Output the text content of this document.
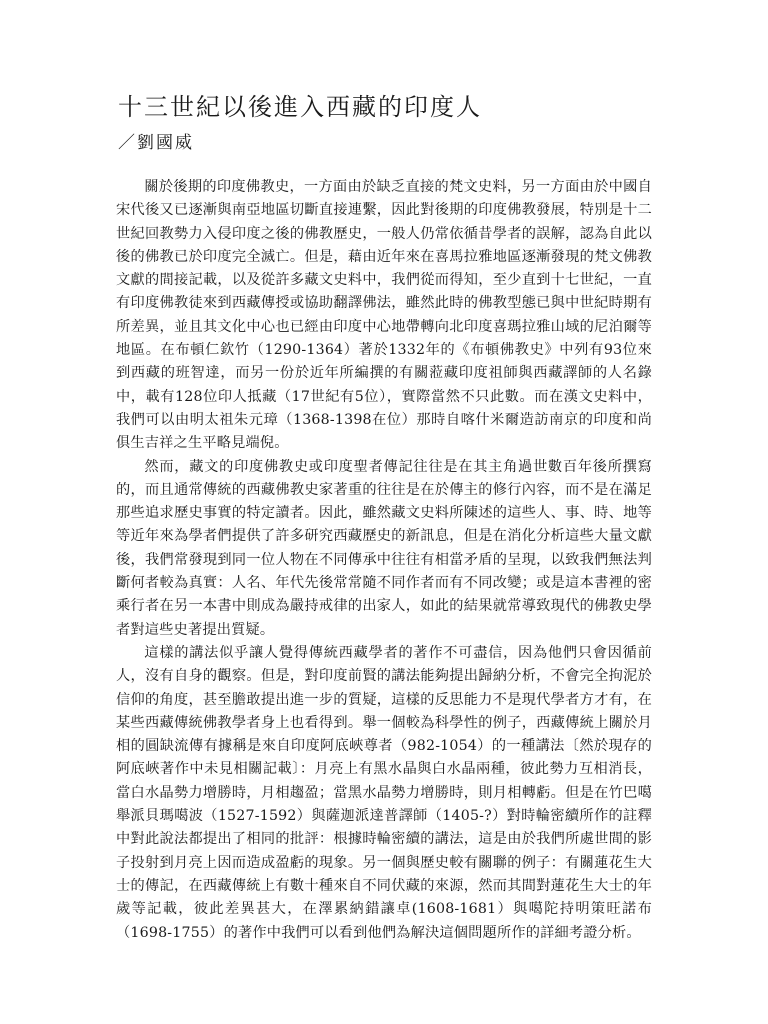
十三世紀以後進入西藏的印度人
／劉國威

關於後期的印度佛教史，一方面由於缺乏直接的梵文史料，另一方面由於中國自宋代後又已逐漸與南亞地區切斷直接連繫，因此對後期的印度佛教發展，特別是十二世紀回教勢力入侵印度之後的佛教歷史，一般人仍常依循昔學者的誤解，認為自此以後的佛教已於印度完全滅亡。但是，藉由近年來在喜馬拉雅地區逐漸發現的梵文佛教文獻的間接記載，以及從許多藏文史料中，我們從而得知，至少直到十七世紀，一直有印度佛教徒來到西藏傳授或協助翻譯佛法，雖然此時的佛教型態已與中世紀時期有所差異，並且其文化中心也已經由印度中心地帶轉向北印度喜瑪拉雅山域的尼泊爾等地區。在布頓仁欽竹（1290-1364）著於1332年的《布頓佛教史》中列有93位來到西藏的班智達，而另一份於近年所編撰的有關蒞藏印度祖師與西藏譯師的人名錄中，載有128位印人抵藏（17世紀有5位），實際當然不只此數。而在漢文史料中，我們可以由明太祖朱元璋（1368-1398在位）那時自喀什米爾造訪南京的印度和尚俱生吉祥之生平略見端倪。

然而，藏文的印度佛教史或印度聖者傳記往往是在其主角過世數百年後所撰寫的，而且通常傳統的西藏佛教史家著重的往往是在於傳主的修行內容，而不是在滿足那些追求歷史事實的特定讀者。因此，雖然藏文史料所陳述的這些人、事、時、地等等近年來為學者們提供了許多研究西藏歷史的新訊息，但是在消化分析這些大量文獻後，我們常發現到同一位人物在不同傳承中往往有相當矛盾的呈現，以致我們無法判斷何者較為真實：人名、年代先後常常隨不同作者而有不同改變；或是這本書裡的密乘行者在另一本書中則成為嚴持戒律的出家人，如此的結果就常導致現代的佛教史學者對這些史著提出質疑。

這樣的講法似乎讓人覺得傳統西藏學者的著作不可盡信，因為他們只會因循前人，沒有自身的觀察。但是，對印度前賢的講法能夠提出歸納分析，不會完全拘泥於信仰的角度，甚至膽敢提出進一步的質疑，這樣的反思能力不是現代學者方才有，在某些西藏傳統佛教學者身上也看得到。舉一個較為科學性的例子，西藏傳統上關於月相的圓缺流傳有據稱是來自印度阿底峽尊者（982-1054）的一種講法〔然於現存的阿底峽著作中未見相關記載〕：月亮上有黑水晶與白水晶兩種，彼此勢力互相消長，當白水晶勢力增勝時，月相趨盈；當黑水晶勢力增勝時，則月相轉虧。但是在竹巴噶舉派貝瑪噶波（1527-1592）與薩迦派達普譯師（1405-?）對時輪密續所作的註釋中對此說法都提出了相同的批評：根據時輪密續的講法，這是由於我們所處世間的影子投射到月亮上因而造成盈虧的現象。另一個與歷史較有關聯的例子：有關蓮花生大士的傳記，在西藏傳統上有數十種來自不同伏藏的來源，然而其間對蓮花生大士的年歲等記載，彼此差異甚大，在澤累納錯讓卓(1608-1681）與噶陀持明策旺諾布（1698-1755）的著作中我們可以看到他們為解決這個問題所作的詳細考證分析。
